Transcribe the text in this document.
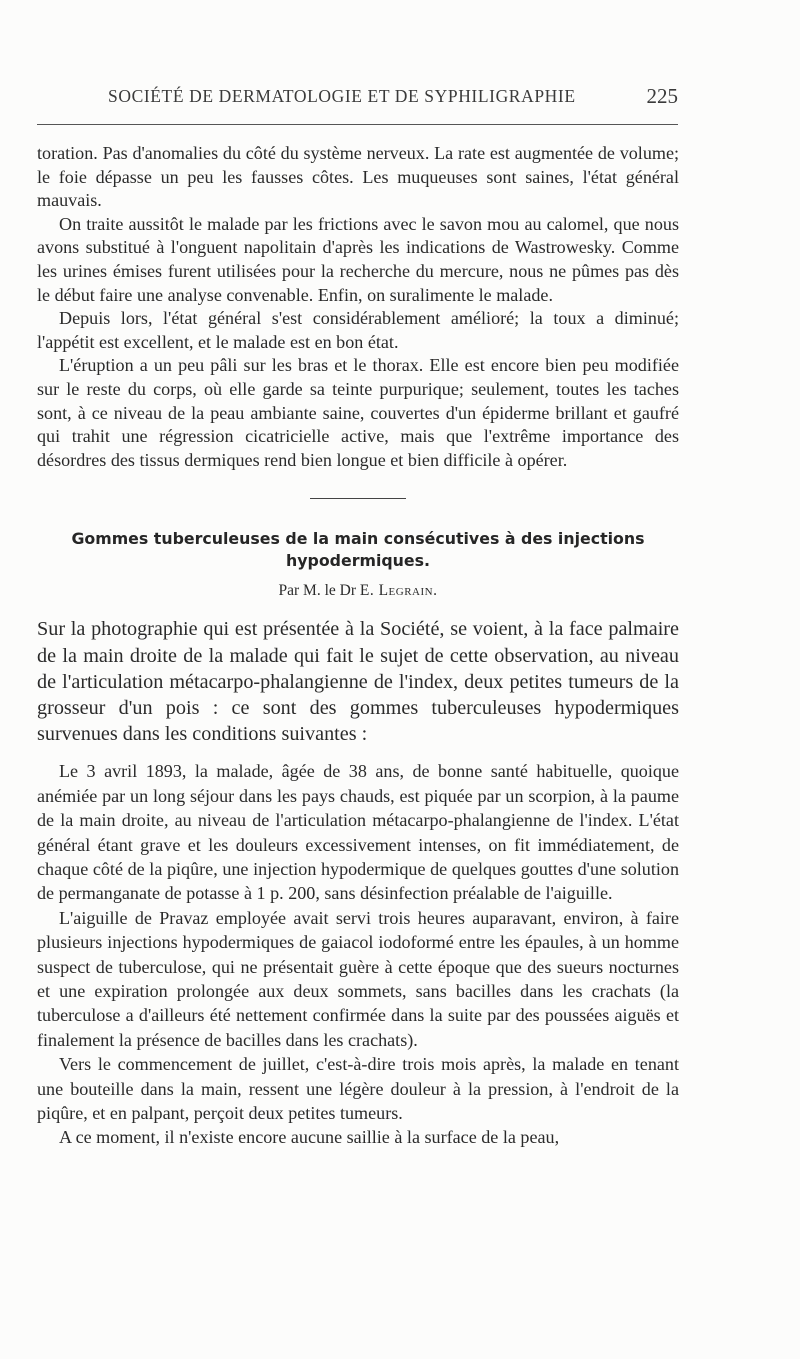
SOCIÉTÉ DE DERMATOLOGIE ET DE SYPHILIGRAPHIE	225

toration. Pas d'anomalies du côté du système nerveux. La rate est augmentée de volume; le foie dépasse un peu les fausses côtes. Les muqueuses sont saines, l'état général mauvais.

On traite aussitôt le malade par les frictions avec le savon mou au calomel, que nous avons substitué à l'onguent napolitain d'après les indications de Wastrowesky. Comme les urines émises furent utilisées pour la recherche du mercure, nous ne pûmes pas dès le début faire une analyse convenable. Enfin, on suralimente le malade.

Depuis lors, l'état général s'est considérablement amélioré; la toux a diminué; l'appétit est excellent, et le malade est en bon état.

L'éruption a un peu pâli sur les bras et le thorax. Elle est encore bien peu modifiée sur le reste du corps, où elle garde sa teinte purpurique; seulement, toutes les taches sont, à ce niveau de la peau ambiante saine, couvertes d'un épiderme brillant et gaufré qui trahit une régression cicatricielle active, mais que l'extrême importance des désordres des tissus dermiques rend bien longue et bien difficile à opérer.

Gommes tuberculeuses de la main consécutives à des injections
hypodermiques.

Par M. le Dr E. Legrain.

Sur la photographie qui est présentée à la Société, se voient, à la face palmaire de la main droite de la malade qui fait le sujet de cette observation, au niveau de l'articulation métacarpo-phalangienne de l'index, deux petites tumeurs de la grosseur d'un pois : ce sont des gommes tuberculeuses hypodermiques survenues dans les conditions suivantes :

Le 3 avril 1893, la malade, âgée de 38 ans, de bonne santé habituelle, quoique anémiée par un long séjour dans les pays chauds, est piquée par un scorpion, à la paume de la main droite, au niveau de l'articulation métacarpo-phalangienne de l'index. L'état général étant grave et les douleurs excessivement intenses, on fit immédiatement, de chaque côté de la piqûre, une injection hypodermique de quelques gouttes d'une solution de permanganate de potasse à 1 p. 200, sans désinfection préalable de l'aiguille.

L'aiguille de Pravaz employée avait servi trois heures auparavant, environ, à faire plusieurs injections hypodermiques de gaiacol iodoformé entre les épaules, à un homme suspect de tuberculose, qui ne présentait guère à cette époque que des sueurs nocturnes et une expiration prolongée aux deux sommets, sans bacilles dans les crachats (la tuberculose a d'ailleurs été nettement confirmée dans la suite par des poussées aiguës et finalement la présence de bacilles dans les crachats).

Vers le commencement de juillet, c'est-à-dire trois mois après, la malade en tenant une bouteille dans la main, ressent une légère douleur à la pression, à l'endroit de la piqûre, et en palpant, perçoit deux petites tumeurs.

A ce moment, il n'existe encore aucune saillie à la surface de la peau,
